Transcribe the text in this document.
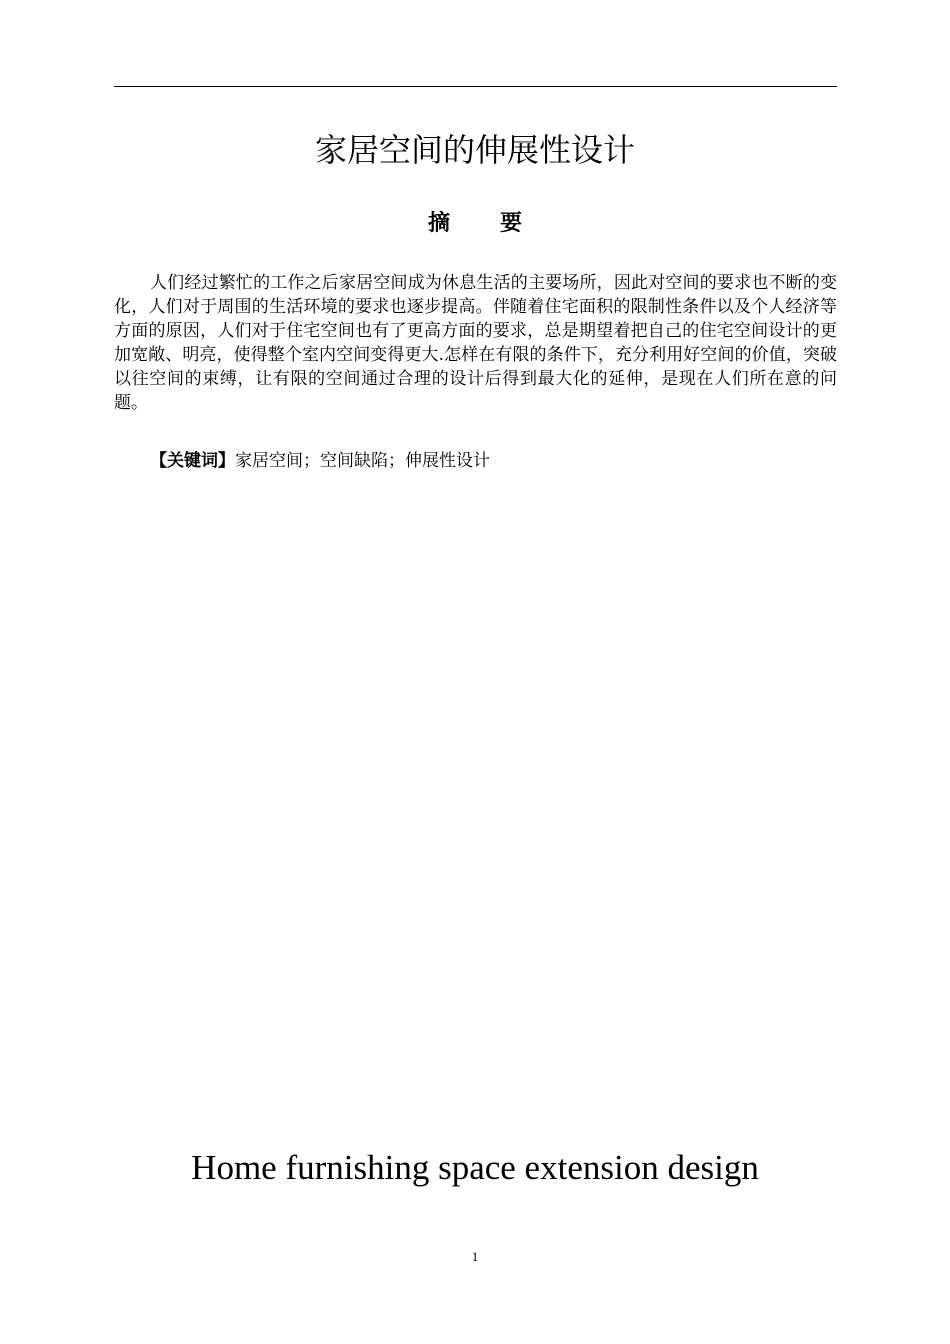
家居空间的伸展性设计
摘 要

人们经过繁忙的工作之后家居空间成为休息生活的主要场所，因此对空间的要求也不断的变化，人们对于周围的生活环境的要求也逐步提高。伴随着住宅面积的限制性条件以及个人经济等方面的原因，人们对于住宅空间也有了更高方面的要求，总是期望着把自己的住宅空间设计的更加宽敞、明亮，使得整个室内空间变得更大.怎样在有限的条件下，充分利用好空间的价值，突破以往空间的束缚，让有限的空间通过合理的设计后得到最大化的延伸，是现在人们所在意的问题。

【关键词】家居空间；空间缺陷；伸展性设计

Home furnishing space extension design
1
